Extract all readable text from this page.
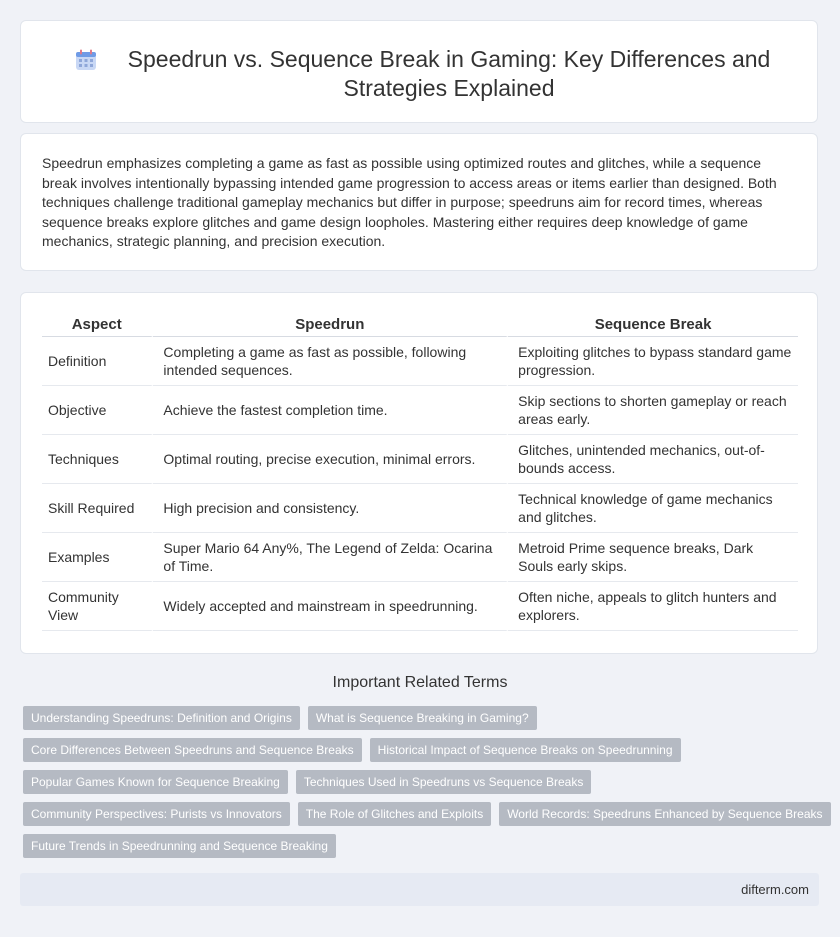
Speedrun vs. Sequence Break in Gaming: Key Differences and Strategies Explained

Speedrun emphasizes completing a game as fast as possible using optimized routes and glitches, while a sequence break involves intentionally bypassing intended game progression to access areas or items earlier than designed. Both techniques challenge traditional gameplay mechanics but differ in purpose; speedruns aim for record times, whereas sequence breaks explore glitches and game design loopholes. Mastering either requires deep knowledge of game mechanics, strategic planning, and precision execution.

Aspect	Speedrun	Sequence Break
Definition	Completing a game as fast as possible, following intended sequences.	Exploiting glitches to bypass standard game progression.
Objective	Achieve the fastest completion time.	Skip sections to shorten gameplay or reach areas early.
Techniques	Optimal routing, precise execution, minimal errors.	Glitches, unintended mechanics, out-of-bounds access.
Skill Required	High precision and consistency.	Technical knowledge of game mechanics and glitches.
Examples	Super Mario 64 Any%, The Legend of Zelda: Ocarina of Time.	Metroid Prime sequence breaks, Dark Souls early skips.
Community View	Widely accepted and mainstream in speedrunning.	Often niche, appeals to glitch hunters and explorers.
Important Related Terms
Understanding Speedruns: Definition and Origins	What is Sequence Breaking in Gaming?
Core Differences Between Speedruns and Sequence Breaks	Historical Impact of Sequence Breaks on Speedrunning
Popular Games Known for Sequence Breaking	Techniques Used in Speedruns vs Sequence Breaks
Community Perspectives: Purists vs Innovators	The Role of Glitches and Exploits	World Records: Speedruns Enhanced by Sequence Breaks
Future Trends in Speedrunning and Sequence Breaking
difterm.com
